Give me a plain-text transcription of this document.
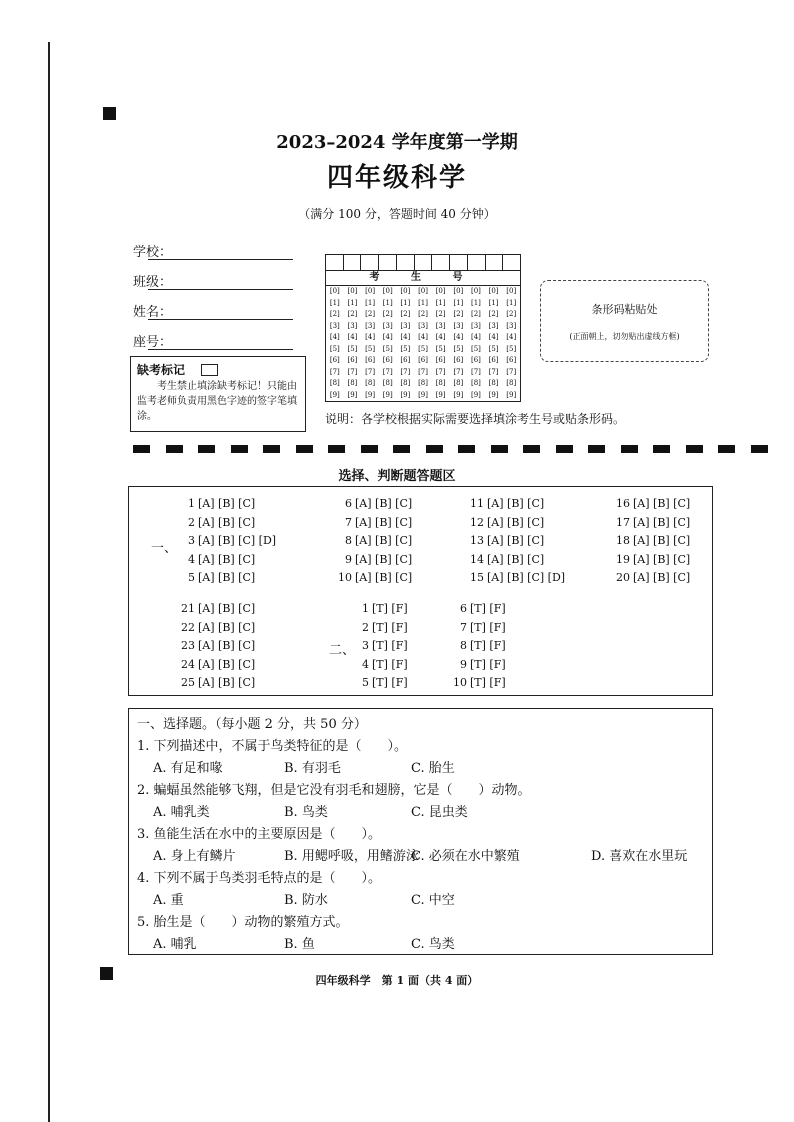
2023–2024 学年度第一学期
四年级科学
（满分 100 分，答题时间 40 分钟）
学校：
班级：
姓名：
座号：
缺考标记
考生禁止填涂缺考标记！只能由监考老师负责用黑色字迹的签字笔填涂。
考 生 号
[0]	[0]	[0]	[0]	[0]	[0]	[0]	[0]	[0]	[0]	[0]
[1]	[1]	[1]	[1]	[1]	[1]	[1]	[1]	[1]	[1]	[1]
[2]	[2]	[2]	[2]	[2]	[2]	[2]	[2]	[2]	[2]	[2]
[3]	[3]	[3]	[3]	[3]	[3]	[3]	[3]	[3]	[3]	[3]
[4]	[4]	[4]	[4]	[4]	[4]	[4]	[4]	[4]	[4]	[4]
[5]	[5]	[5]	[5]	[5]	[5]	[5]	[5]	[5]	[5]	[5]
[6]	[6]	[6]	[6]	[6]	[6]	[6]	[6]	[6]	[6]	[6]
[7]	[7]	[7]	[7]	[7]	[7]	[7]	[7]	[7]	[7]	[7]
[8]	[8]	[8]	[8]	[8]	[8]	[8]	[8]	[8]	[8]	[8]
[9]	[9]	[9]	[9]	[9]	[9]	[9]	[9]	[9]	[9]	[9]
条形码粘贴处
(正面朝上，切勿贴出虚线方框)
说明：各学校根据实际需要选择填涂考生号或贴条形码。
选择、判断题答题区
一、
二、
1 [A] [B] [C]
2 [A] [B] [C]
3 [A] [B] [C] [D]
4 [A] [B] [C]
5 [A] [B] [C]
6 [A] [B] [C]
7 [A] [B] [C]
8 [A] [B] [C]
9 [A] [B] [C]
10 [A] [B] [C]
11 [A] [B] [C]
12 [A] [B] [C]
13 [A] [B] [C]
14 [A] [B] [C]
15 [A] [B] [C] [D]
16 [A] [B] [C]
17 [A] [B] [C]
18 [A] [B] [C]
19 [A] [B] [C]
20 [A] [B] [C]
21 [A] [B] [C]
22 [A] [B] [C]
23 [A] [B] [C]
24 [A] [B] [C]
25 [A] [B] [C]
1 [T] [F]
2 [T] [F]
3 [T] [F]
4 [T] [F]
5 [T] [F]
6 [T] [F]
7 [T] [F]
8 [T] [F]
9 [T] [F]
10 [T] [F]
一、选择题。（每小题 2 分，共 50 分）
1. 下列描述中，不属于鸟类特征的是（　　）。
A. 有足和喙	B. 有羽毛	C. 胎生
2. 蝙蝠虽然能够飞翔，但是它没有羽毛和翅膀，它是（　　）动物。
A. 哺乳类	B. 鸟类	C. 昆虫类
3. 鱼能生活在水中的主要原因是（　　）。
A. 身上有鳞片	B. 用鳃呼吸，用鳍游泳
C. 必须在水中繁殖	D. 喜欢在水里玩
4. 下列不属于鸟类羽毛特点的是（　　）。
A. 重	B. 防水	C. 中空
5. 胎生是（　　）动物的繁殖方式。
A. 哺乳	B. 鱼	C. 鸟类
四年级科学　第 1 面（共 4 面）
